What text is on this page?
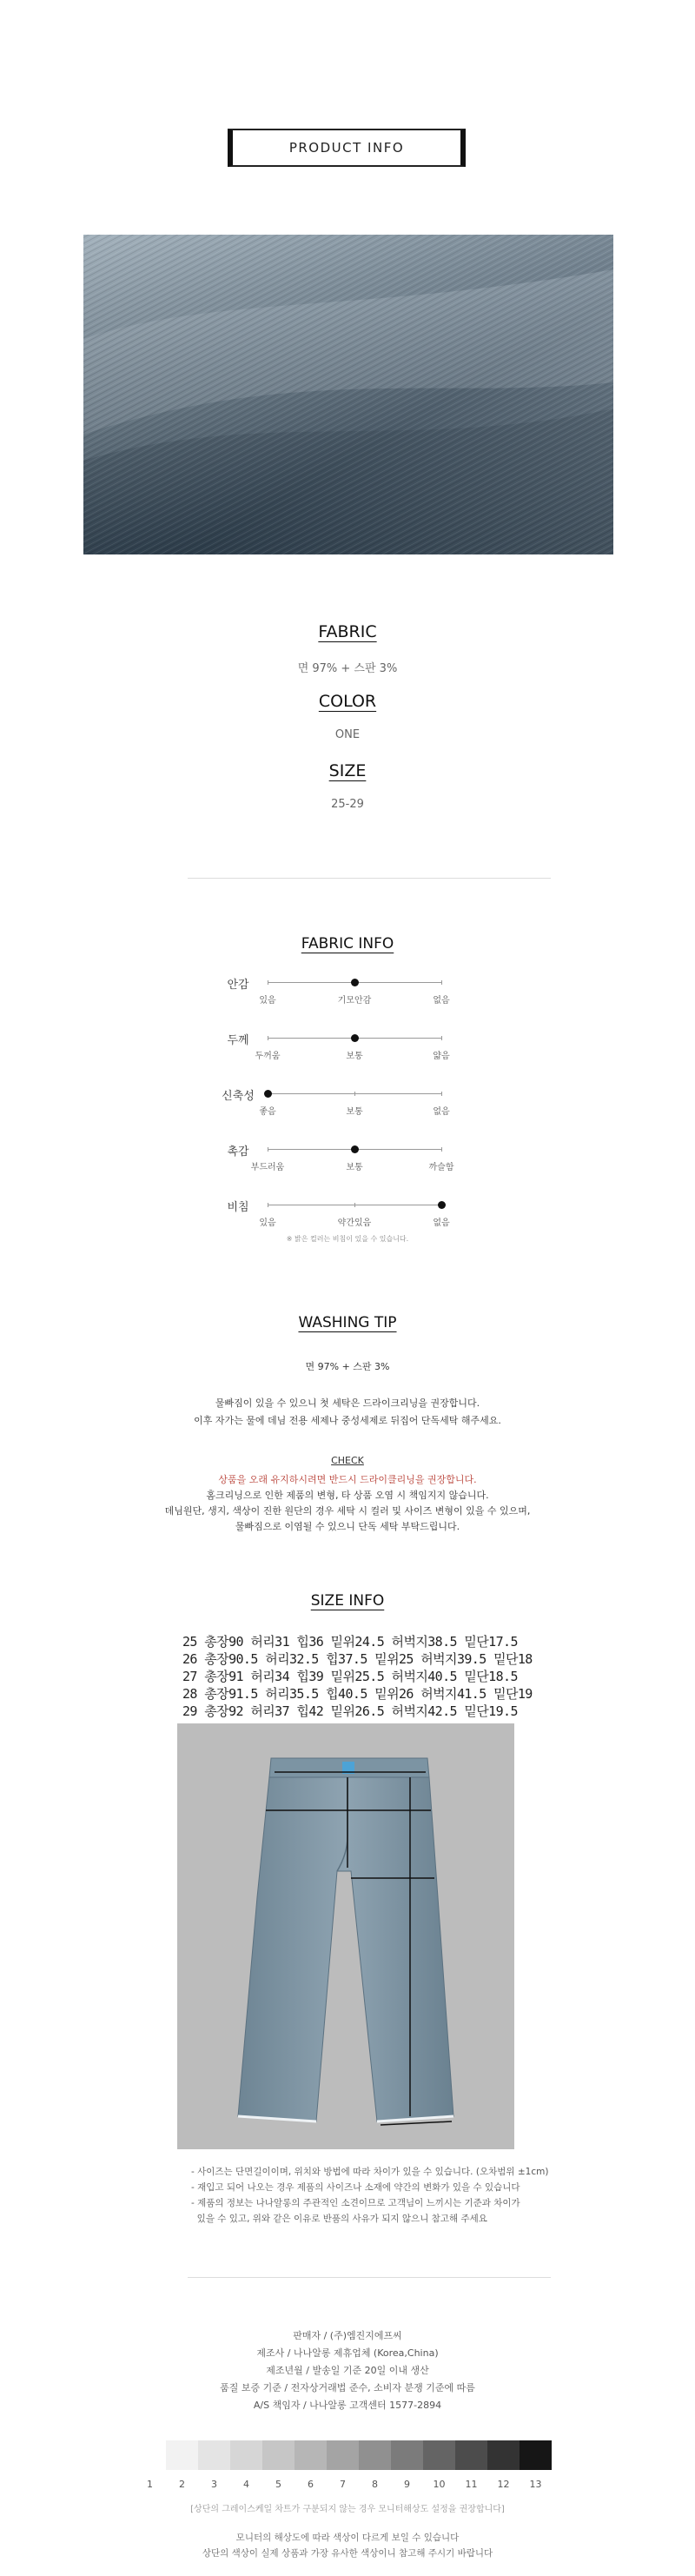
PRODUCT INFO
FABRIC
면 97% + 스판 3%
COLOR
ONE
SIZE
25-29
FABRIC INFO
안감
있음	기모안감	없음
두께
두꺼움	보통	얇음
신축성
좋음	보통	없음
촉감
부드러움	보통	까슬함
비침
있음	약간있음	없음
※ 밝은 컬러는 비침이 있을 수 있습니다.
WASHING TIP
면 97% + 스판 3%
물빠짐이 있을 수 있으니 첫 세탁은 드라이크리닝을 권장합니다.
이후 자가는 물에 데님 전용 세제나 중성세제로 뒤집어 단독세탁 해주세요.
CHECK
상품을 오래 유지하시려면 반드시 드라이클리닝을 권장합니다.
홈크리닝으로 인한 제품의 변형, 타 상품 오염 시 책임지지 않습니다.
데님원단, 생지, 색상이 진한 원단의 경우 세탁 시 컬러 및 사이즈 변형이 있을 수 있으며,
물빠짐으로 이염될 수 있으니 단독 세탁 부탁드립니다.
SIZE INFO
25 총장90 허리31 힙36 밑위24.5 허벅지38.5 밑단17.5
26 총장90.5 허리32.5 힙37.5 밑위25 허벅지39.5 밑단18
27 총장91 허리34 힙39 밑위25.5 허벅지40.5 밑단18.5
28 총장91.5 허리35.5 힙40.5 밑위26 허벅지41.5 밑단19
29 총장92 허리37 힙42 밑위26.5 허벅지42.5 밑단19.5
- 사이즈는 단면길이이며, 위치와 방법에 따라 차이가 있을 수 있습니다. (오차범위 ±1cm)
- 재입고 되어 나오는 경우 제품의 사이즈나 소재에 약간의 변화가 있을 수 있습니다
- 제품의 정보는 나나알롱의 주관적인 소견이므로 고객님이 느끼시는 기준과 차이가
있을 수 있고, 위와 같은 이유로 반품의 사유가 되지 않으니 참고해 주세요
판매자 / (주)엠진지에프씨
제조사 / 나나알롱 제휴업체 (Korea,China)
제조년월 / 발송일 기준 20일 이내 생산
품질 보증 기준 / 전자상거래법 준수, 소비자 분쟁 기준에 따름
A/S 책임자 / 나나알롱 고객센터 1577-2894
1	2	3	4	5	6	7	8	9	10	11	12	13
[상단의 그레이스케일 차트가 구분되지 않는 경우 모니터해상도 설정을 권장합니다]
모니터의 해상도에 따라 색상이 다르게 보일 수 있습니다
상단의 색상이 실제 상품과 가장 유사한 색상이니 참고해 주시기 바랍니다
